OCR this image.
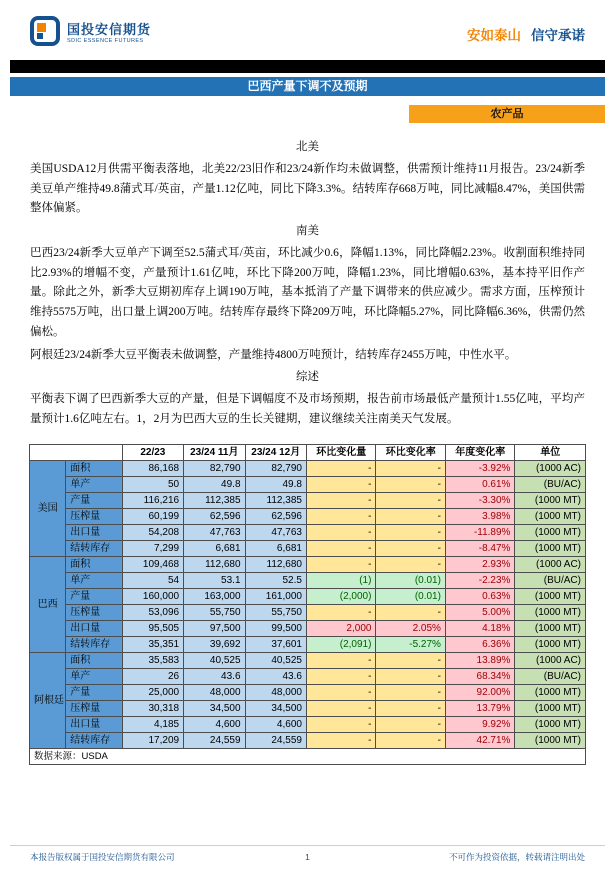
国投安信期货
SDIC ESSENCE FUTURES	安如泰山 信守承诺
巴西产量下调不及预期
农产品
北美

美国USDA12月供需平衡表落地，北美22/23旧作和23/24新作均未做调整，供需预计维持11月报告。23/24新季美豆单产维持49.8蒲式耳/英亩，产量1.12亿吨，同比下降3.3%。结转库存668万吨，同比减幅8.47%，美国供需整体偏紧。

南美

巴西23/24新季大豆单产下调至52.5蒲式耳/英亩，环比减少0.6，降幅1.13%，同比降幅2.23%。收割面积维持同比2.93%的增幅不变，产量预计1.61亿吨，环比下降200万吨，降幅1.23%，同比增幅0.63%，基本持平旧作产量。除此之外，新季大豆期初库存上调190万吨，基本抵消了产量下调带来的供应减少。需求方面，压榨预计维持5575万吨，出口量上调200万吨。结转库存最终下降209万吨，环比降幅5.27%，同比降幅6.36%，供需仍然偏松。

阿根廷23/24新季大豆平衡表未做调整，产量维持4800万吨预计，结转库存2455万吨，中性水平。

综述

平衡表下调了巴西新季大豆的产量，但是下调幅度不及市场预期，报告前市场最低产量预计1.55亿吨，平均产量预计1.6亿吨左右。1，2月为巴西大豆的生长关键期，建议继续关注南美天气发展。

		22/23	23/24 11月	23/24 12月	环比变化量	环比变化率	年度变化率	单位
美国	面积	86,168	82,790	82,790	-	-	-3.92%	(1000 AC)
	单产	50	49.8	49.8	-	-	0.61%	(BU/AC)
	产量	116,216	112,385	112,385	-	-	-3.30%	(1000 MT)
	压榨量	60,199	62,596	62,596	-	-	3.98%	(1000 MT)
	出口量	54,208	47,763	47,763	-	-	-11.89%	(1000 MT)
	结转库存	7,299	6,681	6,681	-	-	-8.47%	(1000 MT)
巴西	面积	109,468	112,680	112,680	-	-	2.93%	(1000 AC)
	单产	54	53.1	52.5	(1)	(0.01)	-2.23%	(BU/AC)
	产量	160,000	163,000	161,000	(2,000)	(0.01)	0.63%	(1000 MT)
	压榨量	53,096	55,750	55,750	-	-	5.00%	(1000 MT)
	出口量	95,505	97,500	99,500	2,000	2.05%	4.18%	(1000 MT)
	结转库存	35,351	39,692	37,601	(2,091)	-5.27%	6.36%	(1000 MT)
阿根廷	面积	35,583	40,525	40,525	-	-	13.89%	(1000 AC)
	单产	26	43.6	43.6	-	-	68.34%	(BU/AC)
	产量	25,000	48,000	48,000	-	-	92.00%	(1000 MT)
	压榨量	30,318	34,500	34,500	-	-	13.79%	(1000 MT)
	出口量	4,185	4,600	4,600	-	-	9.92%	(1000 MT)
	结转库存	17,209	24,559	24,559	-	-	42.71%	(1000 MT)
数据来源：USDA								
本报告版权属于国投安信期货有限公司	1	不可作为投资依据，转载请注明出处
